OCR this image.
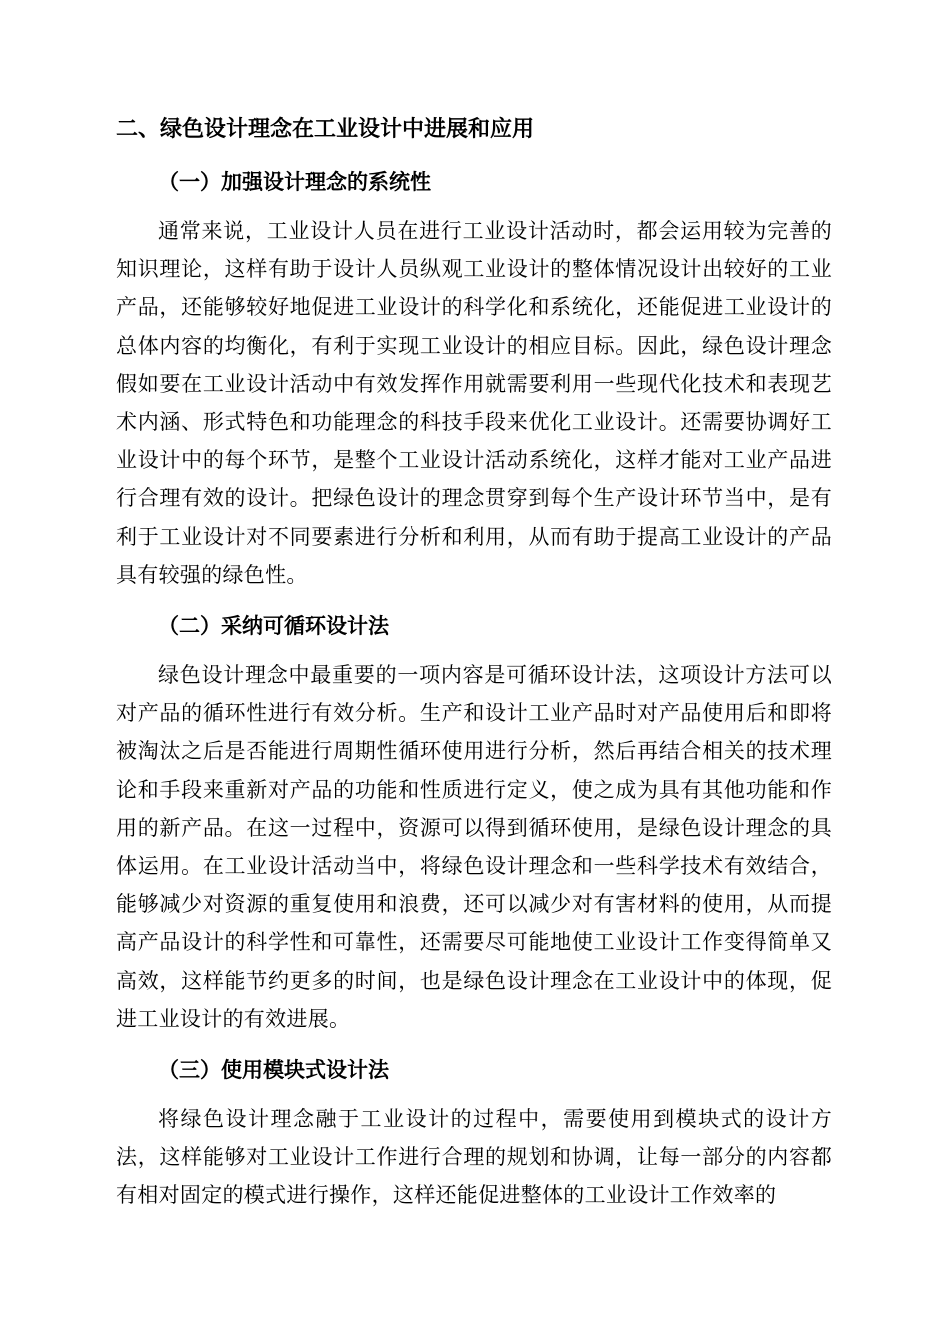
二、绿色设计理念在工业设计中进展和应用
（一）加强设计理念的系统性

通常来说，工业设计人员在进行工业设计活动时，都会运用较为完善的知识理论，这样有助于设计人员纵观工业设计的整体情况设计出较好的工业产品，还能够较好地促进工业设计的科学化和系统化，还能促进工业设计的总体内容的均衡化，有利于实现工业设计的相应目标。因此，绿色设计理念假如要在工业设计活动中有效发挥作用就需要利用一些现代化技术和表现艺术内涵、形式特色和功能理念的科技手段来优化工业设计。还需要协调好工业设计中的每个环节，是整个工业设计活动系统化，这样才能对工业产品进行合理有效的设计。把绿色设计的理念贯穿到每个生产设计环节当中，是有利于工业设计对不同要素进行分析和利用，从而有助于提高工业设计的产品具有较强的绿色性。

（二）采纳可循环设计法

绿色设计理念中最重要的一项内容是可循环设计法，这项设计方法可以对产品的循环性进行有效分析。生产和设计工业产品时对产品使用后和即将被淘汰之后是否能进行周期性循环使用进行分析，然后再结合相关的技术理论和手段来重新对产品的功能和性质进行定义，使之成为具有其他功能和作用的新产品。在这一过程中，资源可以得到循环使用，是绿色设计理念的具体运用。在工业设计活动当中，将绿色设计理念和一些科学技术有效结合，能够减少对资源的重复使用和浪费，还可以减少对有害材料的使用，从而提高产品设计的科学性和可靠性，还需要尽可能地使工业设计工作变得简单又高效，这样能节约更多的时间，也是绿色设计理念在工业设计中的体现，促进工业设计的有效进展。

（三）使用模块式设计法

将绿色设计理念融于工业设计的过程中，需要使用到模块式的设计方法，这样能够对工业设计工作进行合理的规划和协调，让每一部分的内容都有相对固定的模式进行操作，这样还能促进整体的工业设计工作效率的
